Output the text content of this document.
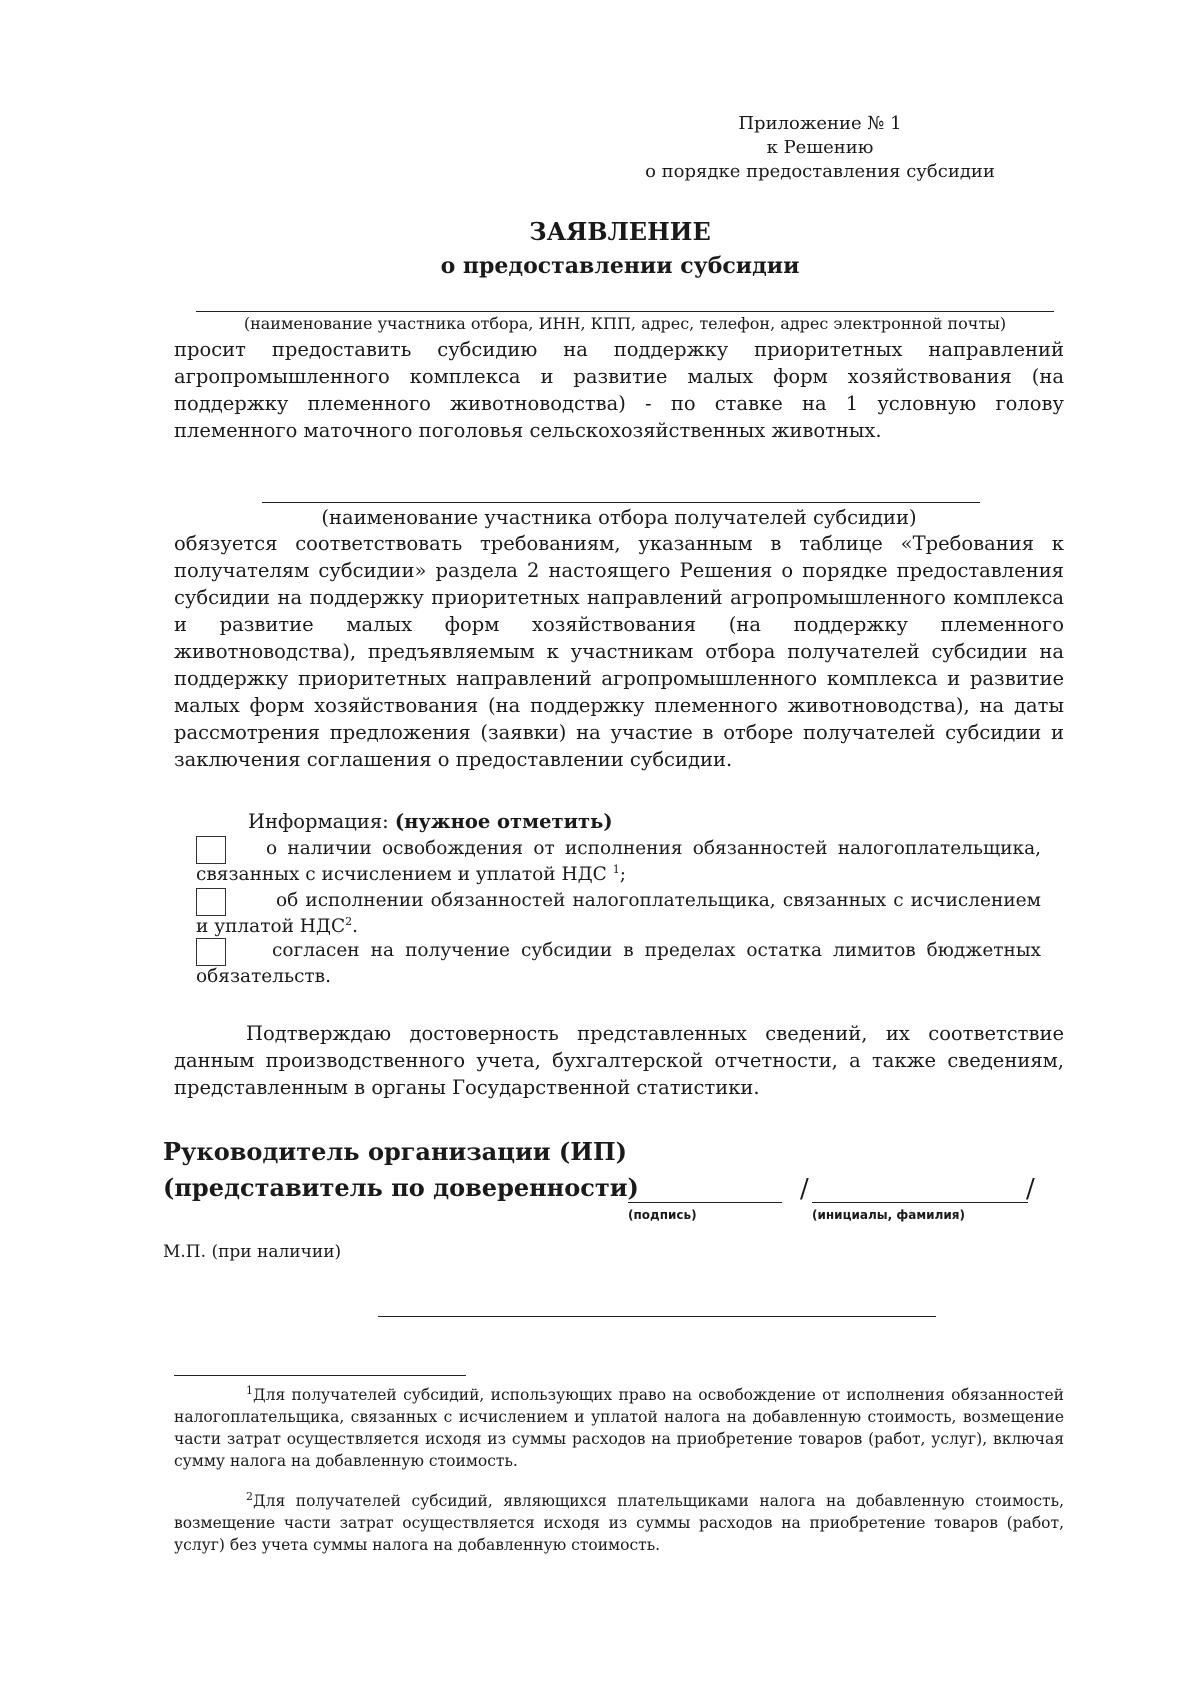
Приложение № 1
к Решению
о порядке предоставления субсидии
ЗАЯВЛЕНИЕ
о предоставлении субсидии
(наименование участника отбора, ИНН, КПП, адрес, телефон, адрес электронной почты)
просит предоставить субсидию на поддержку приоритетных направлений агропромышленного комплекса и развитие малых форм хозяйствования (на поддержку племенного животноводства) - по ставке на 1 условную голову племенного маточного поголовья сельскохозяйственных животных.
(наименование участника отбора получателей субсидии)
обязуется соответствовать требованиям, указанным в таблице «Требования к получателям субсидии» раздела 2 настоящего Решения о порядке предоставления субсидии на поддержку приоритетных направлений агропромышленного комплекса и развитие малых форм хозяйствования (на поддержку племенного животноводства), предъявляемым к участникам отбора получателей субсидии на поддержку приоритетных направлений агропромышленного комплекса и развитие малых форм хозяйствования (на поддержку племенного животноводства), на даты рассмотрения предложения (заявки) на участие в отборе получателей субсидии и заключения соглашения о предоставлении субсидии.
Информация: (нужное отметить)
о наличии освобождения от исполнения обязанностей налогоплательщика, связанных с исчислением и уплатой НДС $^1$;
об исполнении обязанностей налогоплательщика, связанных с исчислением и уплатой НДС$^2$.
согласен на получение субсидии в пределах остатка лимитов бюджетных обязательств.
Подтверждаю достоверность представленных сведений, их соответствие данным производственного учета, бухгалтерской отчетности, а также сведениям, представленным в органы Государственной статистики.
Руководитель организации (ИП)
(представитель по доверенности)
(подпись)
/	/
(инициалы, фамилия)
М.П. (при наличии)
$^1$Для получателей субсидий, использующих право на освобождение от исполнения обязанностей налогоплательщика, связанных с исчислением и уплатой налога на добавленную стоимость, возмещение части затрат осуществляется исходя из суммы расходов на приобретение товаров (работ, услуг), включая сумму налога на добавленную стоимость.
$^2$Для получателей субсидий, являющихся плательщиками налога на добавленную стоимость, возмещение части затрат осуществляется исходя из суммы расходов на приобретение товаров (работ, услуг) без учета суммы налога на добавленную стоимость.
